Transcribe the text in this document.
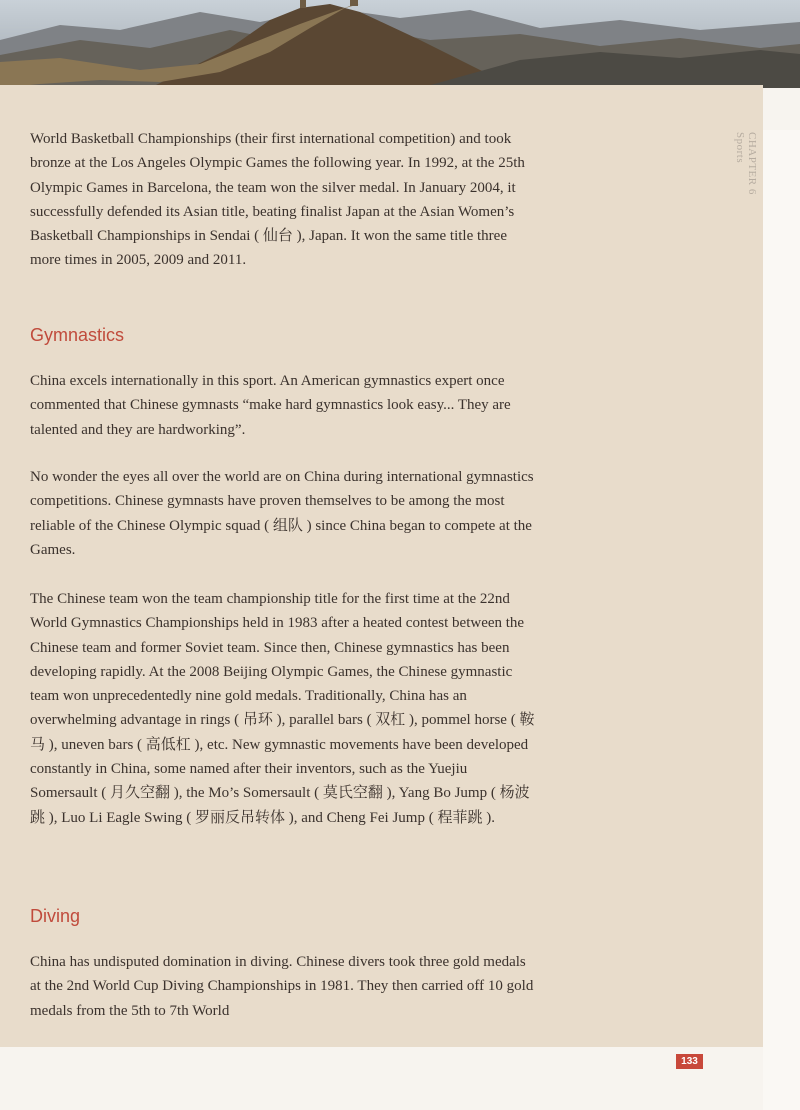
CHAPTER 6
Sports

World Basketball Championships (their first international competition) and took bronze at the Los Angeles Olympic Games the following year. In 1992, at the 25th Olympic Games in Barcelona, the team won the silver medal. In January 2004, it successfully defended its Asian title, beating finalist Japan at the Asian Women’s Basketball Championships in Sendai ( 仙台 ), Japan. It won the same title three more times in 2005, 2009 and 2011.

Gymnastics

China excels internationally in this sport. An American gymnastics expert once commented that Chinese gymnasts “make hard gymnastics look easy... They are talented and they are hardworking”.

No wonder the eyes all over the world are on China during international gymnastics competitions. Chinese gymnasts have proven themselves to be among the most reliable of the Chinese Olympic squad ( 组队 ) since China began to compete at the Games.

The Chinese team won the team championship title for the first time at the 22nd World Gymnastics Championships held in 1983 after a heated contest between the Chinese team and former Soviet team. Since then, Chinese gymnastics has been developing rapidly. At the 2008 Beijing Olympic Games, the Chinese gymnastic team won unprecedentedly nine gold medals. Traditionally, China has an overwhelming advantage in rings ( 吊环 ), parallel bars ( 双杠 ), pommel horse ( 鞍马 ), uneven bars ( 高低杠 ), etc. New gymnastic movements have been developed constantly in China, some named after their inventors, such as the Yuejiu Somersault ( 月久空翻 ), the Mo’s Somersault ( 莫氏空翻 ), Yang Bo Jump ( 杨波跳 ), Luo Li Eagle Swing ( 罗丽反吊转体 ), and Cheng Fei Jump ( 程菲跳 ).

Diving

China has undisputed domination in diving. Chinese divers took three gold medals at the 2nd World Cup Diving Championships in 1981. They then carried off 10 gold medals from the 5th to 7th World

133
